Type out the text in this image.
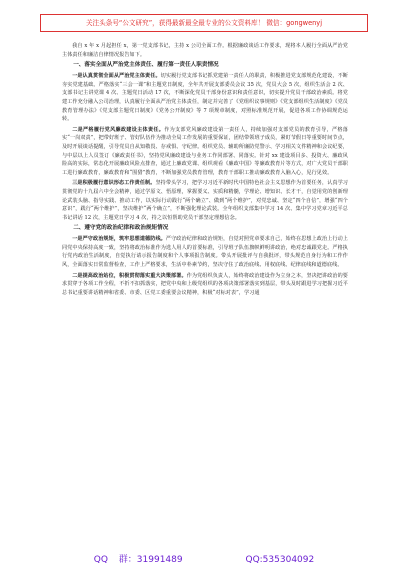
关注头条号“公文研究”，获得最新最全最专业的公文资料库！ 微信：gongwenyj

我自 x 年 x 月起担任 x，第一党支部书记，主持 x 公司全面工作。根据廉政谈话工作要求，现将本人履行全面从严治党主体责任和廉洁自律情况报告如下。

一、落实全面从严治党主体责任、履行第一责任人职责情况

一是认真贯彻全面从严治党主体责任。切实履行党支部书记抓党建第一责任人的职责，积极推进党支部规范化建设，不断夯实党建基础。严格落实“三会一课”和主题党日制度，全年共开展支部委员会议 35 次，党员大会 5 次，组织生活会 2 次、支部书记主讲党课 4 次、主题党日活动 17 次，不断深化党员干部身份意识和责任意识，切实提升党员干部政治素质。将党建工作充分融入公司治理，认真履行全面从严治党主体责任，制定并完善了《党组织议事规则》《党支部组织生活制度》《党员教育管理办法》《党支部主题党日制度》《党务公开制度》等 7 项规章制度，对照标准规范开展，促进各项工作协调规范运转。

二是严格履行党风廉政建设主体责任。作为支部党风廉政建设第一责任人，持续加强对支部党员的教育引导，严格落实“一岗双责”，把带好班子、管好队伍作为推动全局工作发展的重要保证，团结带领班子成员，紧盯节假日等重要时间节点，及时开展谈话提醒，引导党员自从知敬畏、存戒惧、守纪律。组织党员、辅助所廉防党警示、学习相关文件精神和会议纪要，与中层以上人员签订《廉政责任书》，坚持党风廉政建设与业务工作同部署、同落实。针对 xx 建设项目多、投资大、廉政风险高的实际，常态化开展廉政风险点排查，通过上廉政党课、组织观看《廉政中国》等廉政教育片等方式，对广大党员干部职工进行廉政教育，廉政教育和“围猎”教育，不断加强党员教育管理，教育干部职工推动廉政教育入脑入心，见行见效。

三是积极履行意识形态工作责任制。坚持带头学习，把学习习近平新时代中国特色社会主义思想作为首要任务，认真学习贯彻党的十九届六中全会精神，通过学原文、悟原理，掌握要义、实质和精髓，学理论、增知识、长才干，自觉用党的创新理论武装头脑、指导实践、推动工作，以实际行动践行“两个确立”、做到“两个维护”，对党忠诚、坚定“四个自信”，增强“四个意识”，践行“两个维护”，坚决维护“两个确立”，不断强化理论武装。全年组织支部集中学习 14 次、集中学习党章习近平总书记讲话 12 次，主题党日学习 4 次，持之以恒帮助党员干部坚定理想信念。

二、遵守党的政治纪律和政治规矩情况

一是严守政治规矩，筑牢思想道德防线。严守政治纪律和政治规矩，自觉对照党章要求自己，始终在思想上政治上行动上同党中央保持高度一致，坚持将政治标准作为选人用人的首要标准，引导班子队伍旗帜鲜明讲政治，绝对忠诚跟党走。严格执行党内政治生活制度，自觉执行请示报告制度和个人事项报告制度。带头开展批评与自我批评，带头规范自身行为和工作作风，全面落实日常监督检查，工作上严格要求，生活中朴素节约，坚决守住了政治底线、用权底线、纪律底线和道德底线。

二是提高政治站位，积极贯彻落实重大决策部署。作为党组织负责人，始终将政治建设作为立身之本，坚决把讲政治的要求贯穿于各项工作全程，不折不扣抓落实，把党中央和上级党组织的各项决策部署落实到基层，带头及时跟进学习把握习近平总书记重要讲话精神和省委、市委、区党工委重要会议精神，积极“对标对表”，学习通

QQ 群：31991489	QQ:535304092
